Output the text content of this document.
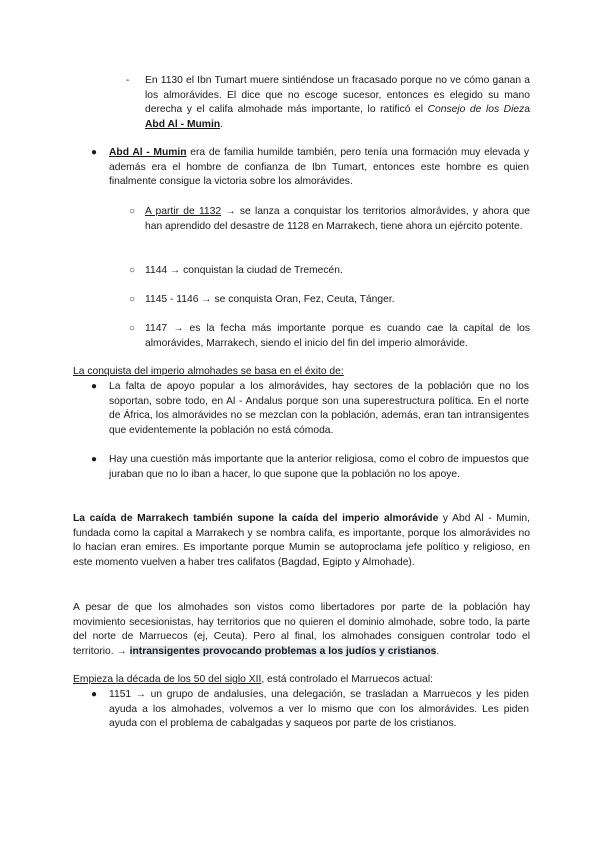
- En 1130 el Ibn Tumart muere sintiéndose un fracasado porque no ve cómo ganan a los almorávides. El dice que no escoge sucesor, entonces es elegido su mano derecha y el califa almohade más importante, lo ratificó el Consejo de los Dieza Abd Al - Mumin.

● Abd Al - Mumin era de familia humilde también, pero tenía una formación muy elevada y además era el hombre de confianza de Ibn Tumart, entonces este hombre es quien finalmente consigue la victoria sobre los almorávides.

○ A partir de 1132 → se lanza a conquistar los territorios almorávides, y ahora que han aprendido del desastre de 1128 en Marrakech, tiene ahora un ejército potente.

○ 1144 → conquistan la ciudad de Tremecén.

○ 1145 - 1146 → se conquista Oran, Fez, Ceuta, Tánger.

○ 1147 → es la fecha más importante porque es cuando cae la capital de los almorávides, Marrakech, siendo el inicio del fin del imperio almorávide.

La conquista del imperio almohades se basa en el éxito de:

● La falta de apoyo popular a los almorávides, hay sectores de la población que no los soportan, sobre todo, en Al - Andalus porque son una superestructura política. En el norte de África, los almorávides no se mezclan con la población, además, eran tan intransigentes que evidentemente la población no está cómoda.

● Hay una cuestión más importante que la anterior religiosa, como el cobro de impuestos que juraban que no lo iban a hacer, lo que supone que la población no los apoye.

La caída de Marrakech también supone la caída del imperio almorávide y Abd Al - Mumin, fundada como la capital a Marrakech y se nombra califa, es importante, porque los almorávides no lo hacían eran emires. Es importante porque Mumin se autoproclama jefe político y religioso, en este momento vuelven a haber tres califatos (Bagdad, Egipto y Almohade).

A pesar de que los almohades son vistos como libertadores por parte de la población hay movimiento secesionistas, hay territorios que no quieren el dominio almohade, sobre todo, la parte del norte de Marruecos (ej, Ceuta). Pero al final, los almohades consiguen controlar todo el territorio. → intransigentes provocando problemas a los judíos y cristianos.

Empieza la década de los 50 del siglo XII, está controlado el Marruecos actual:

● 1151 → un grupo de andalusíes, una delegación, se trasladan a Marruecos y les piden ayuda a los almohades, volvemos a ver lo mismo que con los almorávides. Les piden ayuda con el problema de cabalgadas y saqueos por parte de los cristianos.
